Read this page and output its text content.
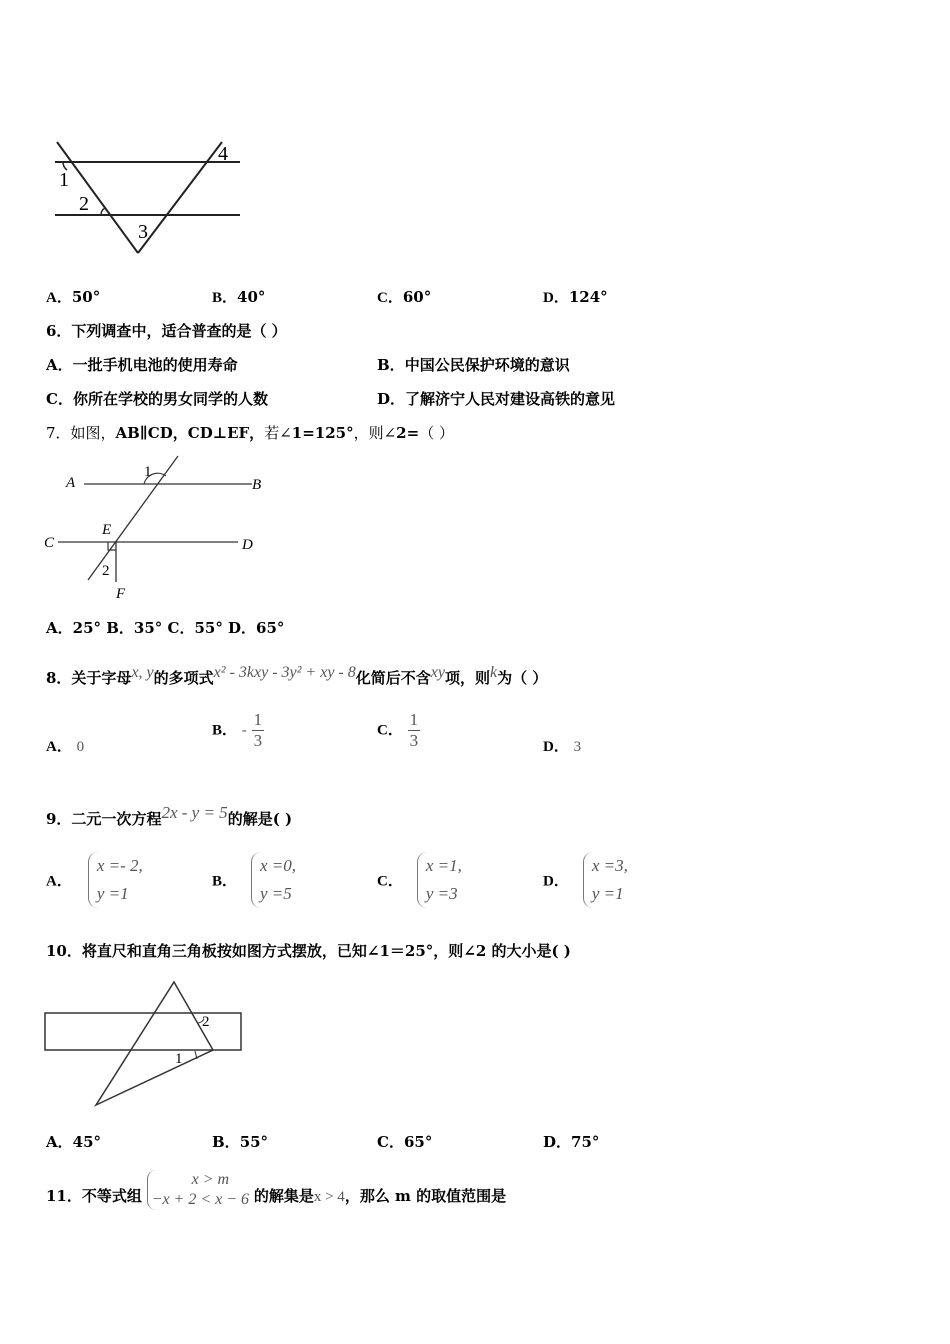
1
2
3
4
A．50°	B．40°	C．60°	D．124°
6．下列调查中，适合普查的是（ ）
A．一批手机电池的使用寿命	B．中国公民保护环境的意识
C．你所在学校的男女同学的人数	D．了解济宁人民对建设高铁的意见
7．如图，AB∥CD，CD⊥EF，若∠1=125°，则∠2=（ ）
A	B
C	D
E
F
1
2
A．25° B．35° C．55° D．65°
8．关于字母$^{x, y}$的多项式$^{x^2 - 3kxy - 3y^2 + xy - 8}$化简后不含$^{xy}$项，则$^k$为（ ）
A． 0
B． - $\frac{1}{3}$	C． $\frac{1}{3}$	D． 3
9．二元一次方程$^{2x - y = 5}$的解是( )
A．
x =- 2,
y =1
B．
x =0,
y =5
C．
x =1,
y =3
D．
x =3,
y =1
10．将直尺和直角三角板按如图方式摆放，已知∠1＝25°，则∠2 的大小是( )
2
1
A．45°	B．55°	C．65°	D．75°
11．不等式组
x > m
−x + 2 < x − 6 的解集是x > 4，那么 m 的取值范围是
